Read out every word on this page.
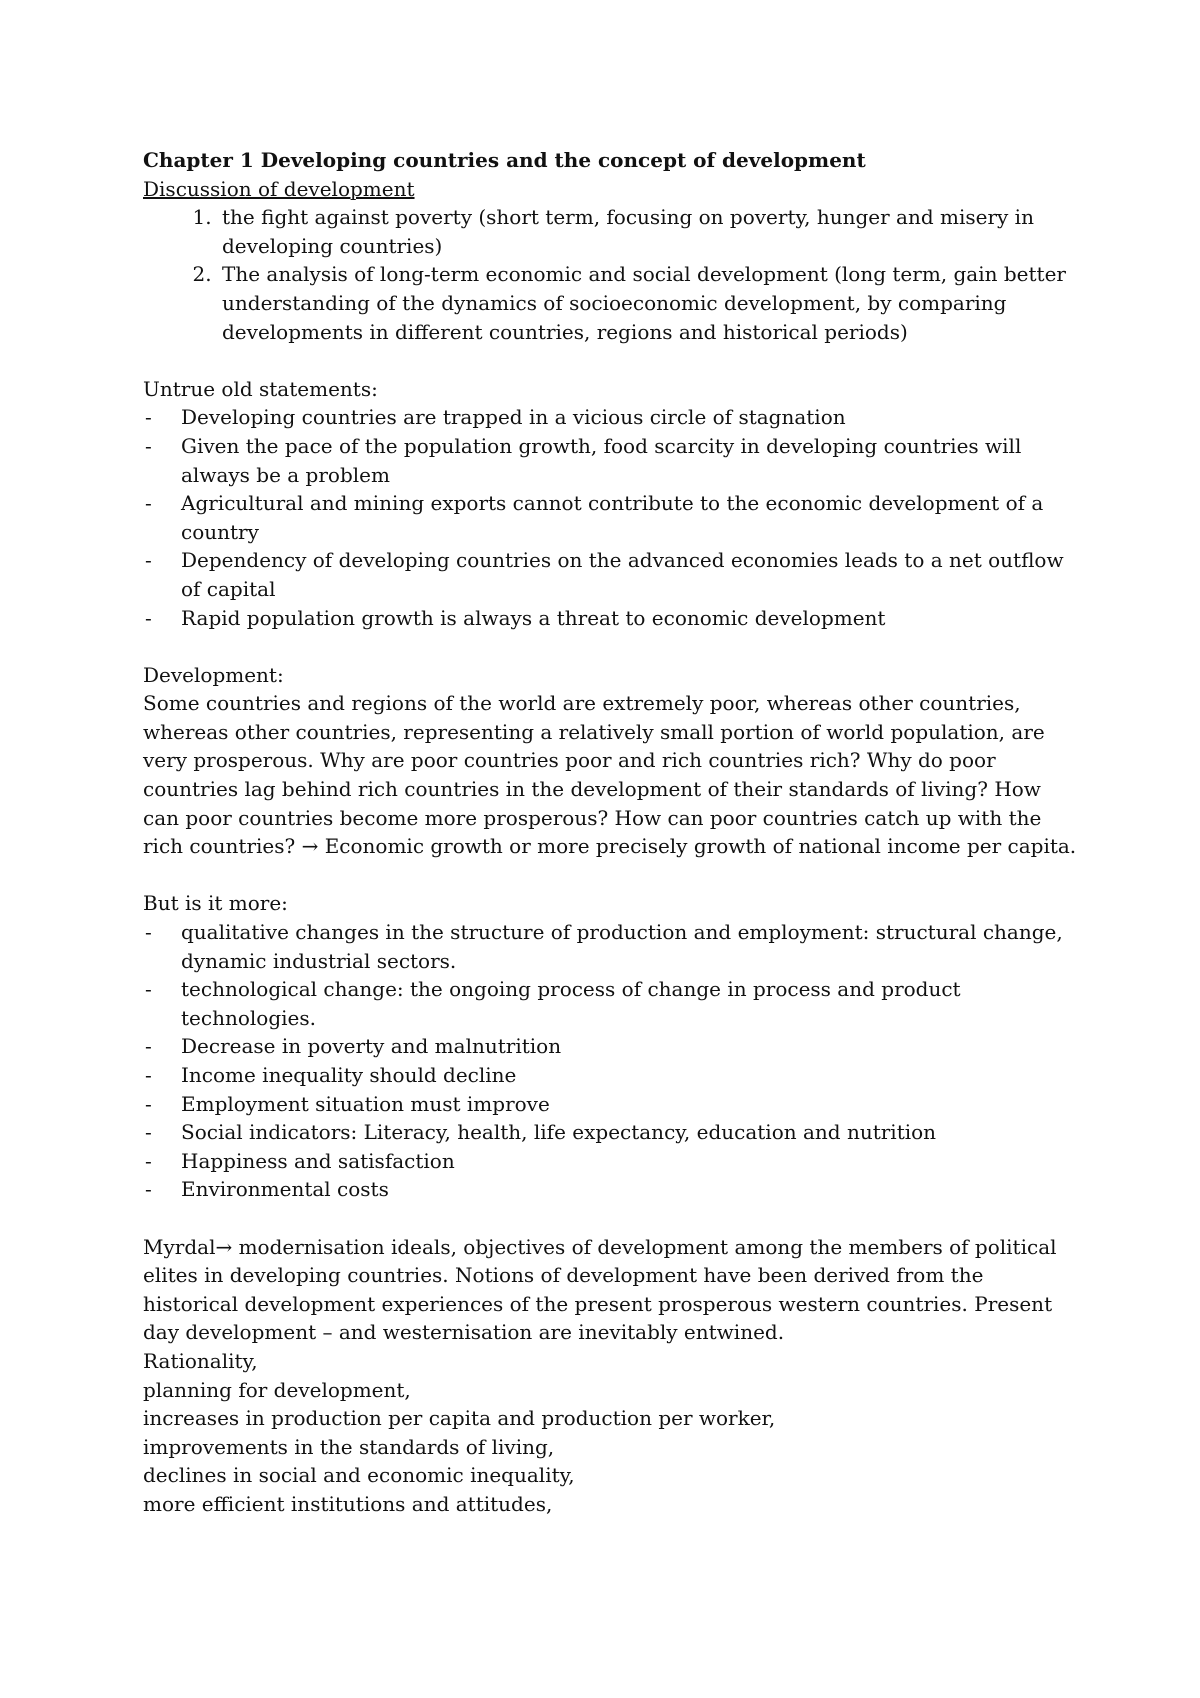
Chapter 1 Developing countries and the concept of development

Discussion of development

1. the fight against poverty (short term, focusing on poverty, hunger and misery in developing countries)
2. The analysis of long-term economic and social development (long term, gain better understanding of the dynamics of socioeconomic development, by comparing developments in different countries, regions and historical periods)

Untrue old statements:

- Developing countries are trapped in a vicious circle of stagnation
- Given the pace of the population growth, food scarcity in developing countries will always be a problem
- Agricultural and mining exports cannot contribute to the economic development of a country
- Dependency of developing countries on the advanced economies leads to a net outflow of capital
- Rapid population growth is always a threat to economic development

Development:

Some countries and regions of the world are extremely poor, whereas other countries, whereas other countries, representing a relatively small portion of world population, are very prosperous. Why are poor countries poor and rich countries rich? Why do poor countries lag behind rich countries in the development of their standards of living? How can poor countries become more prosperous? How can poor countries catch up with the rich countries? → Economic growth or more precisely growth of national income per capita.

But is it more:

- qualitative changes in the structure of production and employment: structural change, dynamic industrial sectors.
- technological change: the ongoing process of change in process and product technologies.
- Decrease in poverty and malnutrition
- Income inequality should decline
- Employment situation must improve
- Social indicators: Literacy, health, life expectancy, education and nutrition
- Happiness and satisfaction
- Environmental costs

Myrdal→ modernisation ideals, objectives of development among the members of political elites in developing countries. Notions of development have been derived from the historical development experiences of the present prosperous western countries. Present day development – and westernisation are inevitably entwined.

Rationality,

planning for development,

increases in production per capita and production per worker,

improvements in the standards of living,

declines in social and economic inequality,

more efficient institutions and attitudes,
